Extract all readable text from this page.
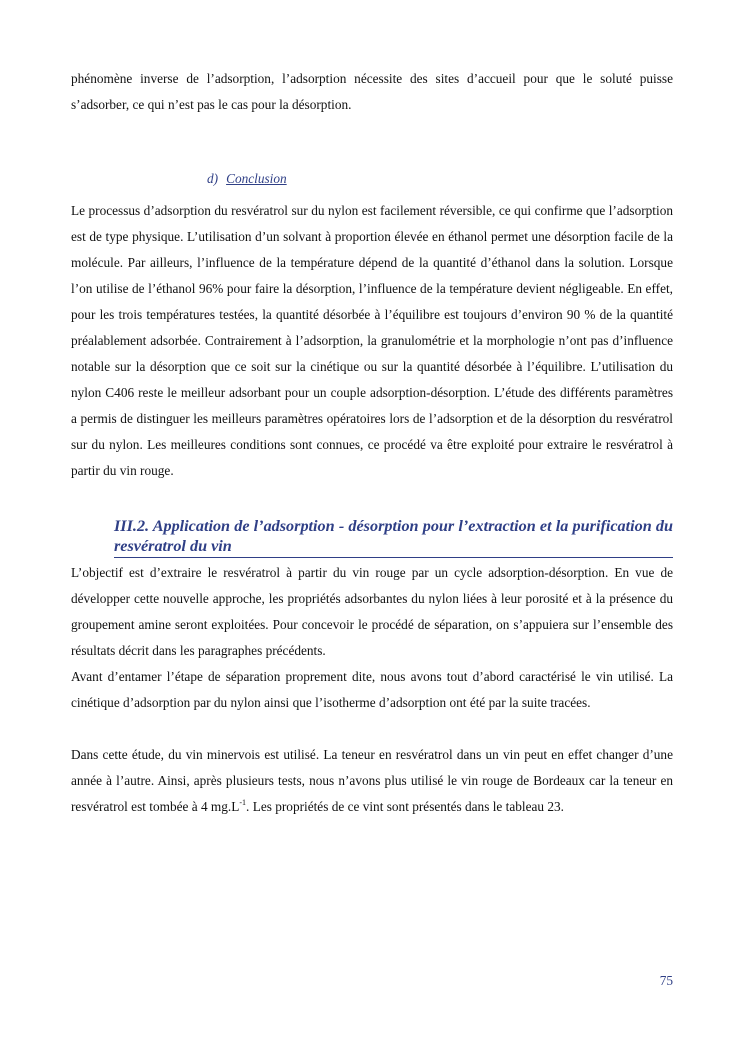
phénomène inverse de l’adsorption, l’adsorption nécessite des sites d’accueil pour que le soluté puisse s’adsorber, ce qui n’est pas le cas pour la désorption.

d) Conclusion

Le processus d’adsorption du resvératrol sur du nylon est facilement réversible, ce qui confirme que l’adsorption est de type physique. L’utilisation d’un solvant à proportion élevée en éthanol permet une désorption facile de la molécule. Par ailleurs, l’influence de la température dépend de la quantité d’éthanol dans la solution. Lorsque l’on utilise de l’éthanol 96% pour faire la désorption, l’influence de la température devient négligeable. En effet, pour les trois températures testées, la quantité désorbée à l’équilibre est toujours d’environ 90 % de la quantité préalablement adsorbée. Contrairement à l’adsorption, la granulométrie et la morphologie n’ont pas d’influence notable sur la désorption que ce soit sur la cinétique ou sur la quantité désorbée à l’équilibre. L’utilisation du nylon C406 reste le meilleur adsorbant pour un couple adsorption-désorption. L’étude des différents paramètres a permis de distinguer les meilleurs paramètres opératoires lors de l’adsorption et de la désorption du resvératrol sur du nylon. Les meilleures conditions sont connues, ce procédé va être exploité pour extraire le resvératrol à partir du vin rouge.

III.2. Application de l’adsorption - désorption pour l’extraction et la purification du resvératrol du vin

L’objectif est d’extraire le resvératrol à partir du vin rouge par un cycle adsorption-désorption. En vue de développer cette nouvelle approche, les propriétés adsorbantes du nylon liées à leur porosité et à la présence du groupement amine seront exploitées. Pour concevoir le procédé de séparation, on s’appuiera sur l’ensemble des résultats décrit dans les paragraphes précédents.

Avant d’entamer l’étape de séparation proprement dite, nous avons tout d’abord caractérisé le vin utilisé. La cinétique d’adsorption par du nylon ainsi que l’isotherme d’adsorption ont été par la suite tracées.

Dans cette étude, du vin minervois est utilisé. La teneur en resvératrol dans un vin peut en effet changer d’une année à l’autre. Ainsi, après plusieurs tests, nous n’avons plus utilisé le vin rouge de Bordeaux car la teneur en resvératrol est tombée à 4 $mg.L^{-1}$. Les propriétés de ce vint sont présentés dans le tableau 23.

75
